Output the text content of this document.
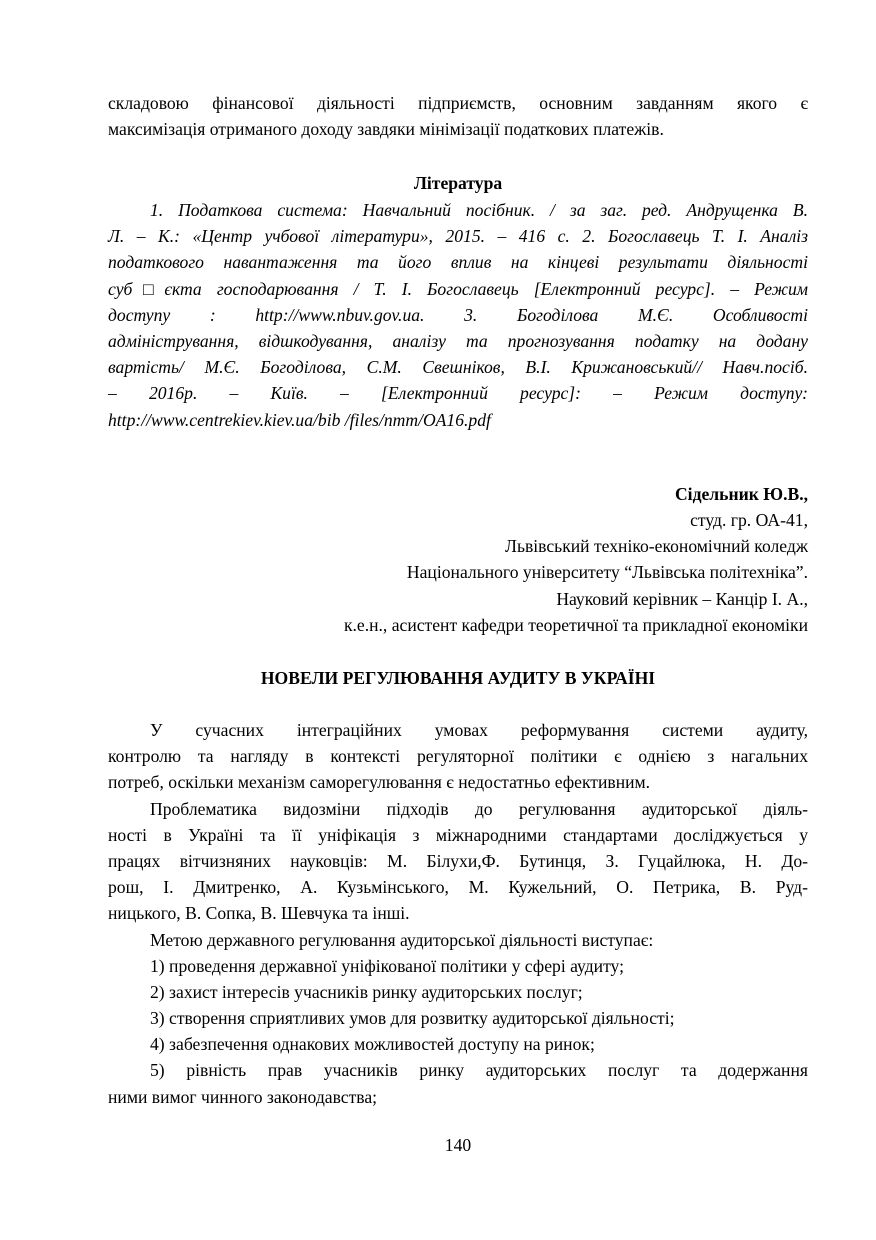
складовою фінансової діяльності підприємств, основним завданням якого є
максимізація отриманого доходу завдяки мінімізації податкових платежів.
Література
1. Податкова система: Навчальний посібник. / за заг. ред. Андрущенка В.
Л. – К.: «Центр учбової літератури», 2015. – 416 с. 2. Богославець Т. І. Аналіз
податкового навантаження та його вплив на кінцеві результати діяльності
суб□єкта господарювання / Т. І. Богославець [Електронний ресурс]. – Режим
доступу : http://www.nbuv.gov.ua. 3. Богоділова М.Є. Особливості
адміністрування, відшкодування, аналізу та прогнозування податку на додану
вартість/ М.Є. Богоділова, С.М. Свешніков, В.І. Крижановський// Навч.посіб.
– 2016р. – Київ. – [Електронний ресурс]: – Режим доступу:
http://www.centrekiev.kiev.ua/bib /files/nmm/OA16.pdf
Сідельник Ю.В.,
студ. гр. ОА-41,
Львівський техніко-економічний коледж
Національного університету “Львівська політехніка”.
Науковий керівник – Канцір І. А.,
к.е.н., асистент кафедри теоретичної та прикладної економіки
НОВЕЛИ РЕГУЛЮВАННЯ АУДИТУ В УКРАЇНІ
У сучасних інтеграційних умовах реформування системи аудиту,
контролю та нагляду в контексті регуляторної політики є однією з нагальних
потреб, оскільки механізм саморегулювання є недостатньо ефективним.
Проблематика видозміни підходів до регулювання аудиторської діяль-
ності в Україні та її уніфікація з міжнародними стандартами досліджується у
працях вітчизняних науковців: М. Білухи,Ф. Бутинця, З. Гуцайлюка, Н. До-
рош, І. Дмитренко, А. Кузьмінського, М. Кужельний, О. Петрика, В. Руд-
ницького, В. Сопка, В. Шевчука та інші.
Метою державного регулювання аудиторської діяльності виступає:
1) проведення державної уніфікованої політики у сфері аудиту;
2) захист інтересів учасників ринку аудиторських послуг;
3) створення сприятливих умов для розвитку аудиторської діяльності;
4) забезпечення однакових можливостей доступу на ринок;
5) рівність прав учасників ринку аудиторських послуг та додержання
ними вимог чинного законодавства;
140
